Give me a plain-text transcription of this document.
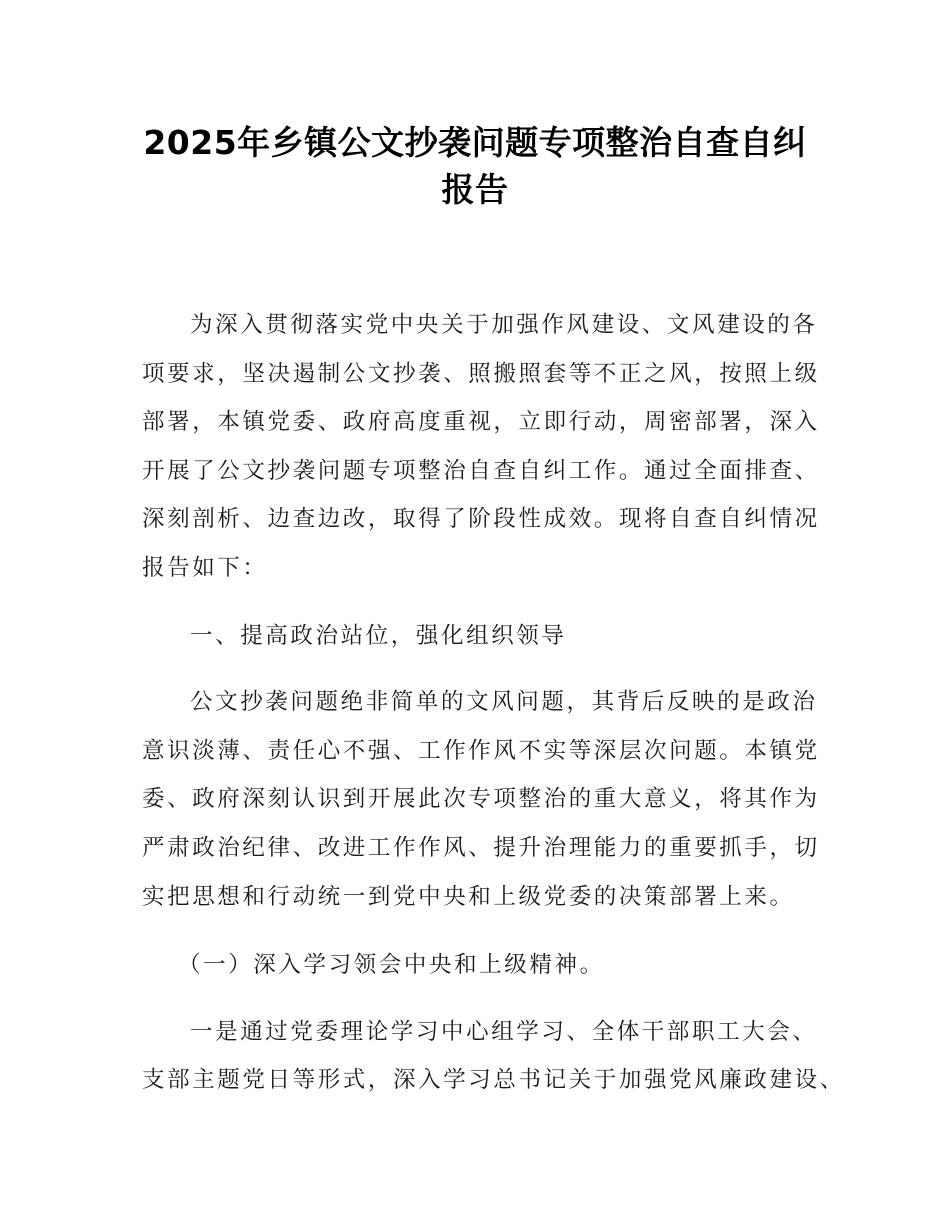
2025年乡镇公文抄袭问题专项整治自查自纠
报告
为深入贯彻落实党中央关于加强作风建设、文风建设的各
项要求，坚决遏制公文抄袭、照搬照套等不正之风，按照上级
部署，本镇党委、政府高度重视，立即行动，周密部署，深入
开展了公文抄袭问题专项整治自查自纠工作。通过全面排查、
深刻剖析、边查边改，取得了阶段性成效。现将自查自纠情况
报告如下：
一、提高政治站位，强化组织领导
公文抄袭问题绝非简单的文风问题，其背后反映的是政治
意识淡薄、责任心不强、工作作风不实等深层次问题。本镇党
委、政府深刻认识到开展此次专项整治的重大意义，将其作为
严肃政治纪律、改进工作作风、提升治理能力的重要抓手，切
实把思想和行动统一到党中央和上级党委的决策部署上来。
（一）深入学习领会中央和上级精神。
一是通过党委理论学习中心组学习、全体干部职工大会、
支部主题党日等形式，深入学习总书记关于加强党风廉政建设、
